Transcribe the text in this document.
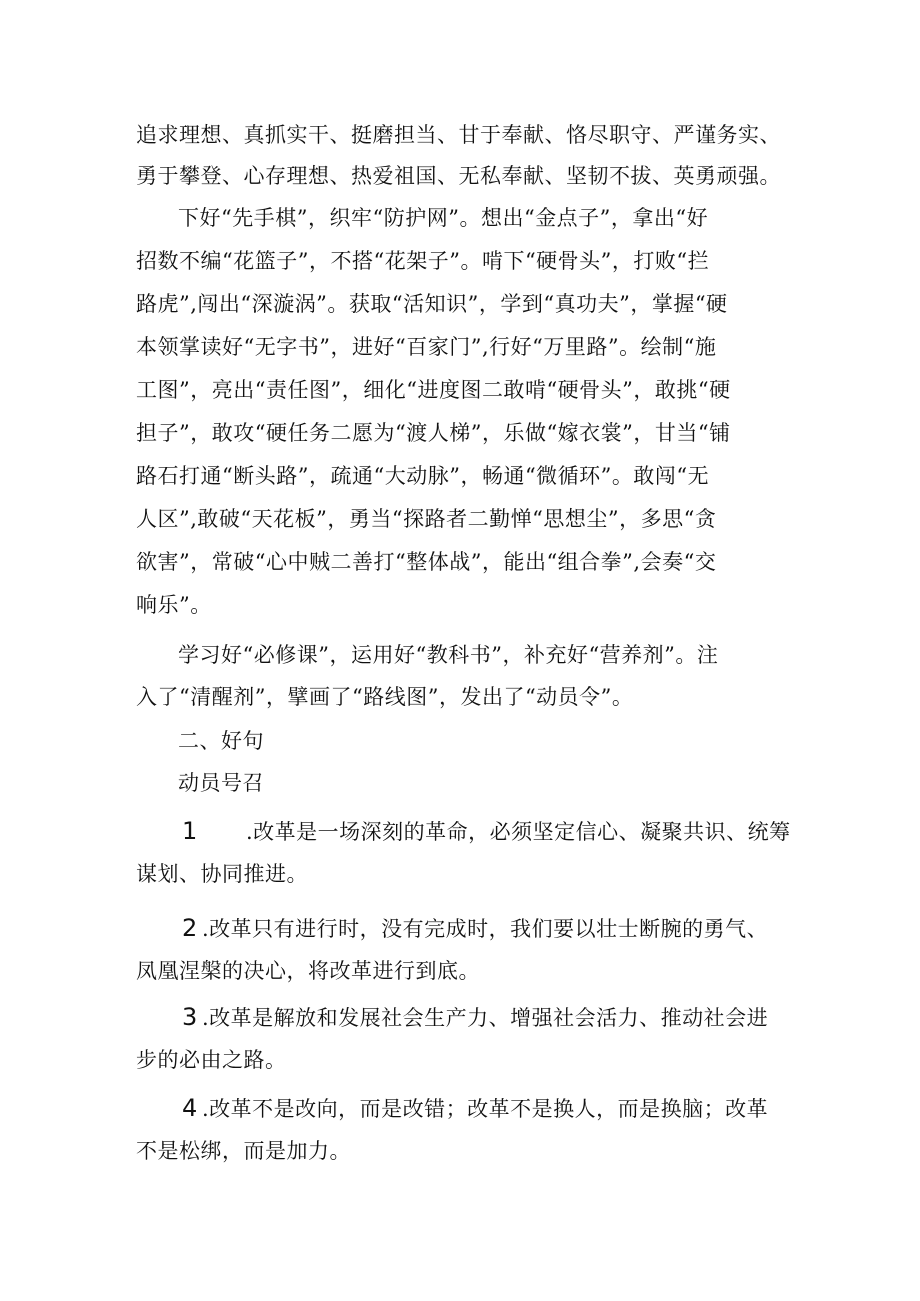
追求理想、真抓实干、挺磨担当、甘于奉献、恪尽职守、严谨务实、
勇于攀登、心存理想、热爱祖国、无私奉献、坚韧不拔、英勇顽强。
下好“先手棋”，织牢“防护网”。想出“金点子”，拿出“好
招数不编“花篮子”，不搭“花架子”。啃下“硬骨头”，打败“拦
路虎”,闯出“深漩涡”。获取“活知识”，学到“真功夫”，掌握“硬
本领掌读好“无字书”，进好“百家门”,行好“万里路”。绘制“施
工图”，亮出“责任图”，细化“进度图二敢啃“硬骨头”，敢挑“硬
担子”，敢攻“硬任务二愿为“渡人梯”，乐做“嫁衣裳”，甘当“铺
路石打通“断头路”，疏通“大动脉”，畅通“微循环”。敢闯“无
人区”,敢破“天花板”，勇当“探路者二勤惮“思想尘”，多思“贪
欲害”，常破“心中贼二善打“整体战”，能出“组合拳”,会奏“交
响乐”。
学习好“必修课”，运用好“教科书”，补充好“营养剂”。注
入了“清醒剂”，擘画了“路线图”，发出了“动员令”。
二、好句
动员号召
1 .改革是一场深刻的革命，必须坚定信心、凝聚共识、统筹
谋划、协同推进。
2 .改革只有进行时，没有完成时，我们要以壮士断腕的勇气、
凤凰涅槃的决心，将改革进行到底。
3 .改革是解放和发展社会生产力、增强社会活力、推动社会进
步的必由之路。
4 .改革不是改向，而是改错；改革不是换人，而是换脑；改革
不是松绑，而是加力。
